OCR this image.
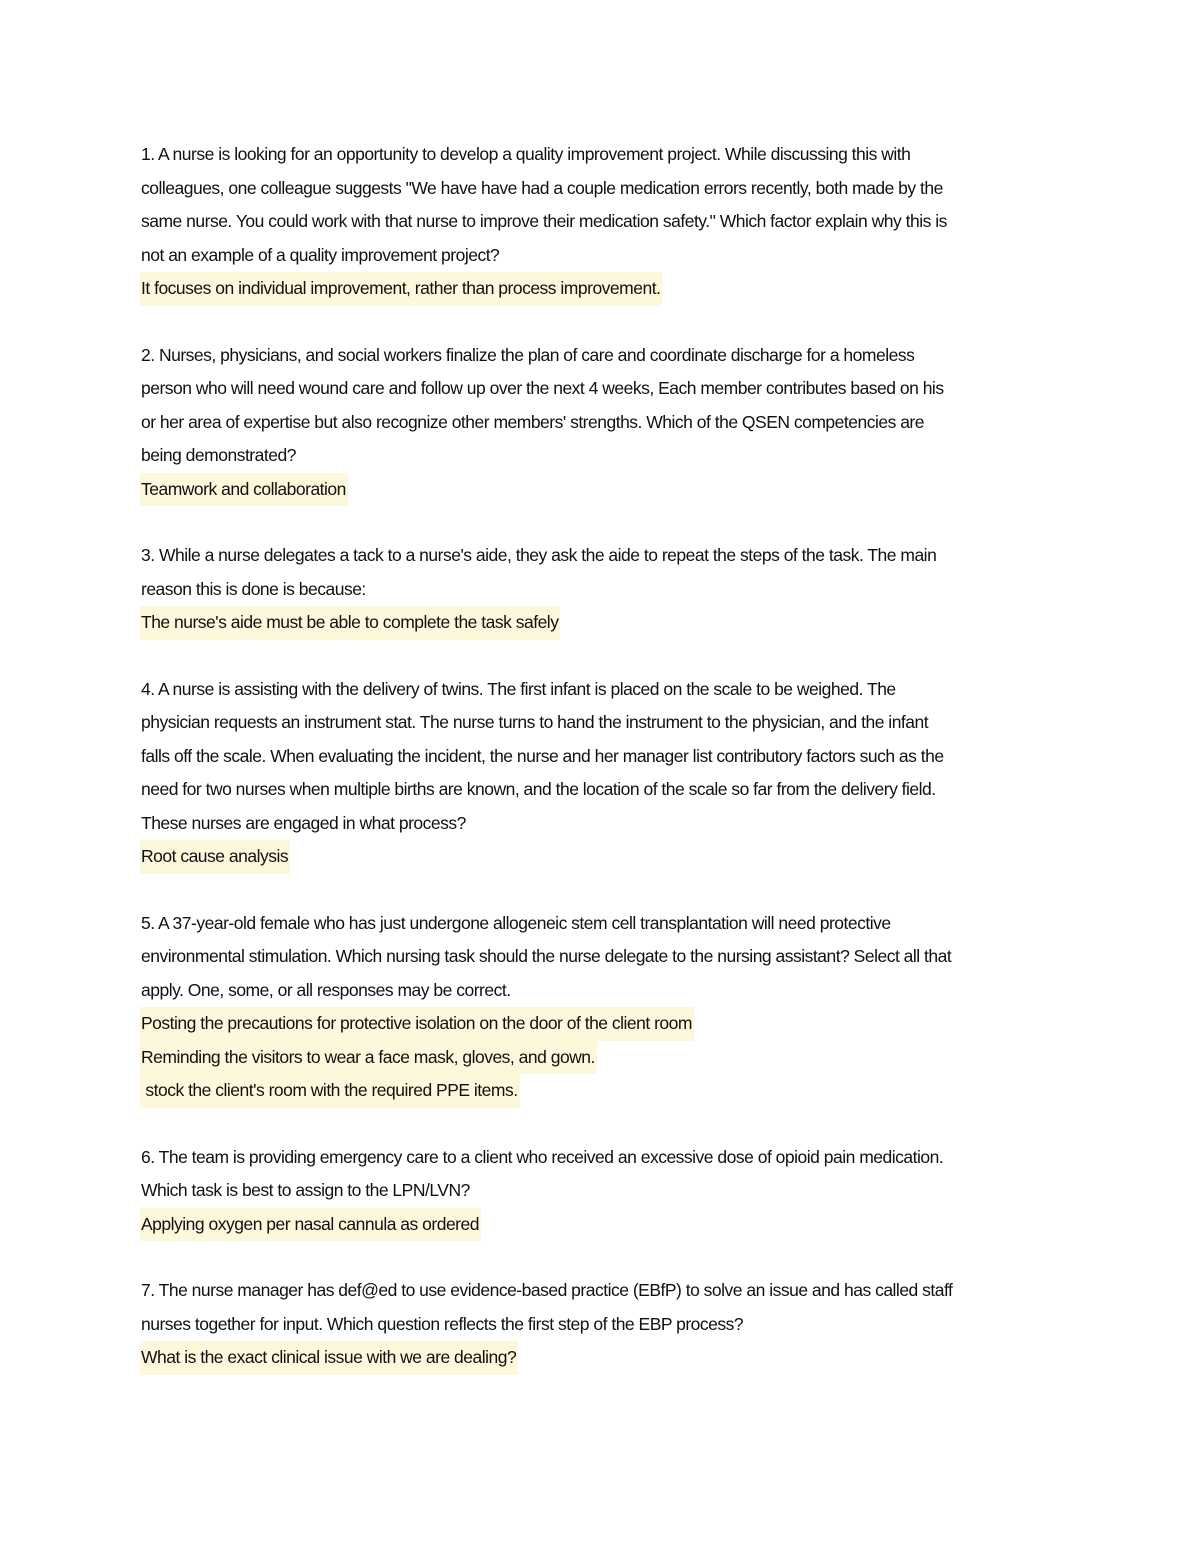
1. A nurse is looking for an opportunity to develop a quality improvement project. While discussing this with
colleagues, one colleague suggests "We have have had a couple medication errors recently, both made by the
same nurse. You could work with that nurse to improve their medication safety." Which factor explain why this is
not an example of a quality improvement project?
It focuses on individual improvement, rather than process improvement.
2. Nurses, physicians, and social workers finalize the plan of care and coordinate discharge for a homeless
person who will need wound care and follow up over the next 4 weeks, Each member contributes based on his
or her area of expertise but also recognize other members' strengths. Which of the QSEN competencies are
being demonstrated?
Teamwork and collaboration
3. While a nurse delegates a tack to a nurse's aide, they ask the aide to repeat the steps of the task. The main
reason this is done is because:
The nurse's aide must be able to complete the task safely
4. A nurse is assisting with the delivery of twins. The first infant is placed on the scale to be weighed. The
physician requests an instrument stat. The nurse turns to hand the instrument to the physician, and the infant
falls off the scale. When evaluating the incident, the nurse and her manager list contributory factors such as the
need for two nurses when multiple births are known, and the location of the scale so far from the delivery field.
These nurses are engaged in what process?
Root cause analysis
5. A 37-year-old female who has just undergone allogeneic stem cell transplantation will need protective
environmental stimulation. Which nursing task should the nurse delegate to the nursing assistant? Select all that
apply. One, some, or all responses may be correct.
Posting the precautions for protective isolation on the door of the client room
Reminding the visitors to wear a face mask, gloves, and gown.
stock the client's room with the required PPE items.
6. The team is providing emergency care to a client who received an excessive dose of opioid pain medication.
Which task is best to assign to the LPN/LVN?
Applying oxygen per nasal cannula as ordered
7. The nurse manager has def@ed to use evidence-based practice (EBfP) to solve an issue and has called staff
nurses together for input. Which question reflects the first step of the EBP process?
What is the exact clinical issue with we are dealing?
